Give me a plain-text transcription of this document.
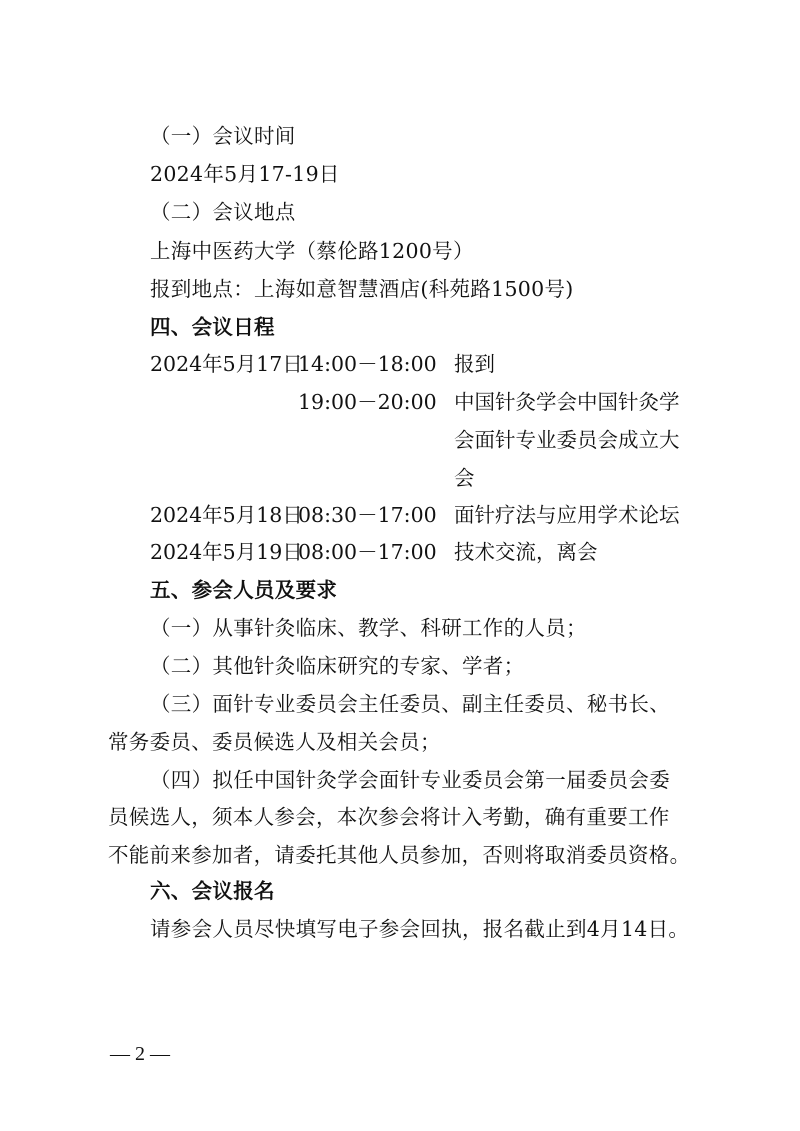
（一）会议时间
2024年5月17-19日
（二）会议地点
上海中医药大学（蔡伦路1200号）
报到地点：上海如意智慧酒店(科苑路1500号)
四、会议日程
2024年5月17日
14:00－18:00 报到
19:00－20:00 中国针灸学会中国针灸学
会面针专业委员会成立大
会
2024年5月18日
08:30－17:00 面针疗法与应用学术论坛
2024年5月19日
08:00－17:00 技术交流，离会
五、参会人员及要求
（一）从事针灸临床、教学、科研工作的人员；
（二）其他针灸临床研究的专家、学者；
（三）面针专业委员会主任委员、副主任委员、秘书长、
常务委员、委员候选人及相关会员；
（四）拟任中国针灸学会面针专业委员会第一届委员会委
员候选人，须本人参会，本次参会将计入考勤，确有重要工作
不能前来参加者，请委托其他人员参加，否则将取消委员资格。
六、会议报名
请参会人员尽快填写电子参会回执，报名截止到4月14日。
— 2 —
